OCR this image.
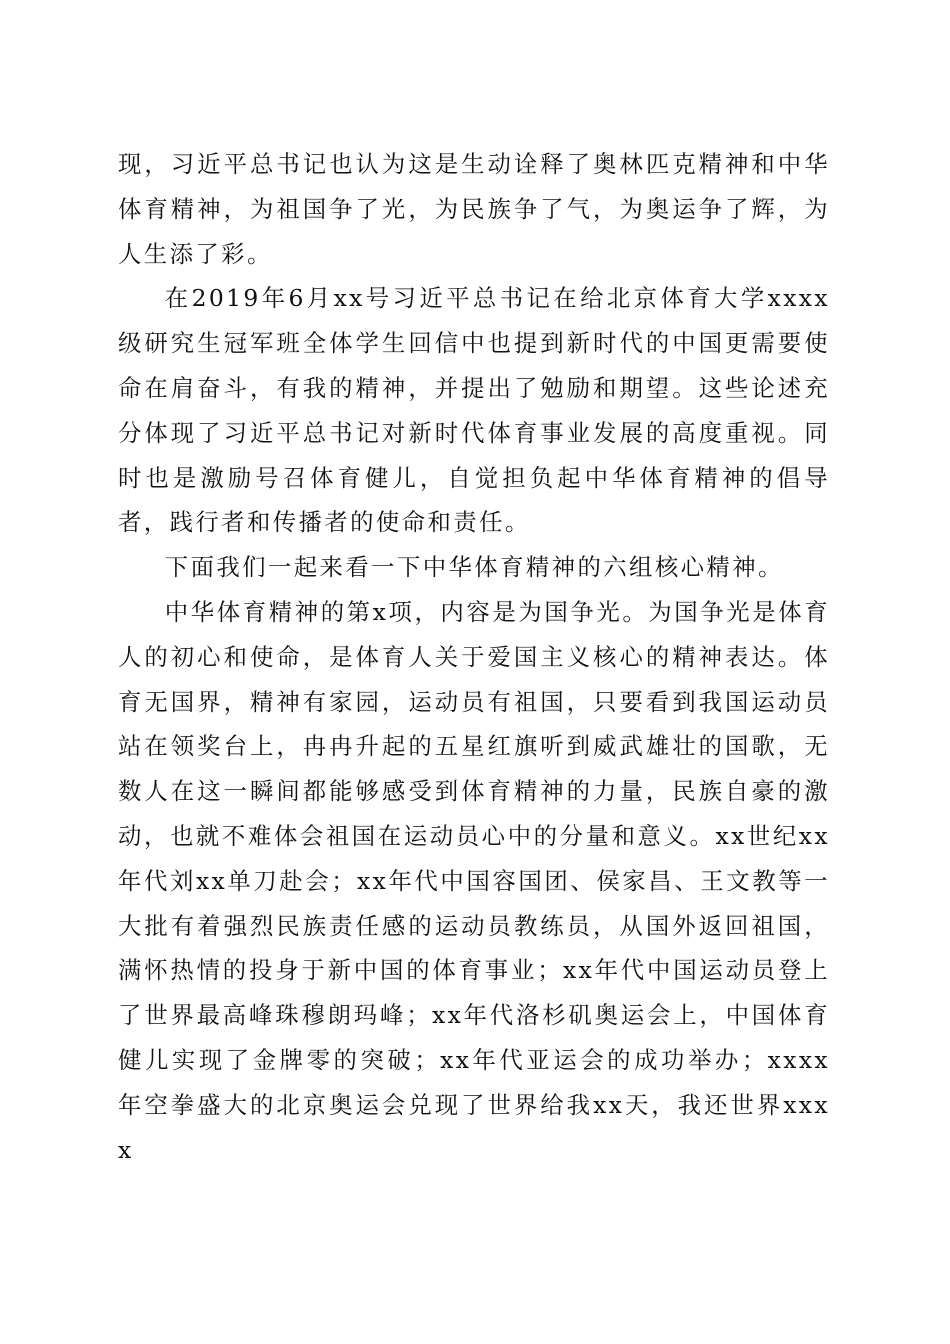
现，习近平总书记也认为这是生动诠释了奥林匹克精神和中华体育精神，为祖国争了光，为民族争了气，为奥运争了辉，为人生添了彩。

在2019年6月xx号习近平总书记在给北京体育大学xxxx级研究生冠军班全体学生回信中也提到新时代的中国更需要使命在肩奋斗，有我的精神，并提出了勉励和期望。这些论述充分体现了习近平总书记对新时代体育事业发展的高度重视。同时也是激励号召体育健儿，自觉担负起中华体育精神的倡导者，践行者和传播者的使命和责任。

下面我们一起来看一下中华体育精神的六组核心精神。

中华体育精神的第x项，内容是为国争光。为国争光是体育人的初心和使命，是体育人关于爱国主义核心的精神表达。体育无国界，精神有家园，运动员有祖国，只要看到我国运动员站在领奖台上，冉冉升起的五星红旗听到威武雄壮的国歌，无数人在这一瞬间都能够感受到体育精神的力量，民族自豪的激动，也就不难体会祖国在运动员心中的分量和意义。xx世纪xx年代刘xx单刀赴会；xx年代中国容国团、侯家昌、王文教等一大批有着强烈民族责任感的运动员教练员，从国外返回祖国，满怀热情的投身于新中国的体育事业；xx年代中国运动员登上了世界最高峰珠穆朗玛峰；xx年代洛杉矶奥运会上，中国体育健儿实现了金牌零的突破；xx年代亚运会的成功举办；xxxx年空拳盛大的北京奥运会兑现了世界给我xx天，我还世界xxxx
